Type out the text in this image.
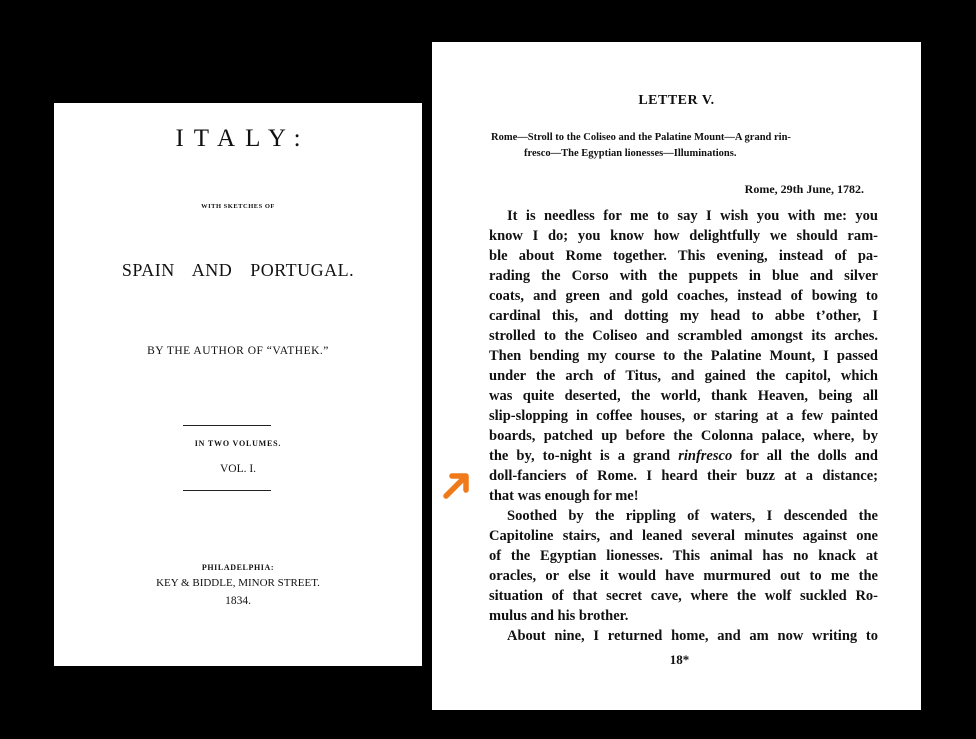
ITALY:
WITH SKETCHES OF
SPAIN AND PORTUGAL.
BY THE AUTHOR OF “VATHEK.”
IN TWO VOLUMES.
VOL. I.
PHILADELPHIA:
KEY & BIDDLE, MINOR STREET.
1834.
LETTER V.
Rome—Stroll to the Coliseo and the Palatine Mount—A grand rin-
fresco—The Egyptian lionesses—Illuminations.
Rome, 29th June, 1782.
It is needless for me to say I wish you with me: you
know I do; you know how delightfully we should ram-
ble about Rome together. This evening, instead of pa-
rading the Corso with the puppets in blue and silver
coats, and green and gold coaches, instead of bowing to
cardinal this, and dotting my head to abbe t’other, I
strolled to the Coliseo and scrambled amongst its arches.
Then bending my course to the Palatine Mount, I passed
under the arch of Titus, and gained the capitol, which
was quite deserted, the world, thank Heaven, being all
slip-slopping in coffee houses, or staring at a few painted
boards, patched up before the Colonna palace, where, by
the by, to-night is a grand rinfresco for all the dolls and
doll-fanciers of Rome. I heard their buzz at a distance;
that was enough for me!
Soothed by the rippling of waters, I descended the
Capitoline stairs, and leaned several minutes against one
of the Egyptian lionesses. This animal has no knack at
oracles, or else it would have murmured out to me the
situation of that secret cave, where the wolf suckled Ro-
mulus and his brother.
About nine, I returned home, and am now writing to
18*
